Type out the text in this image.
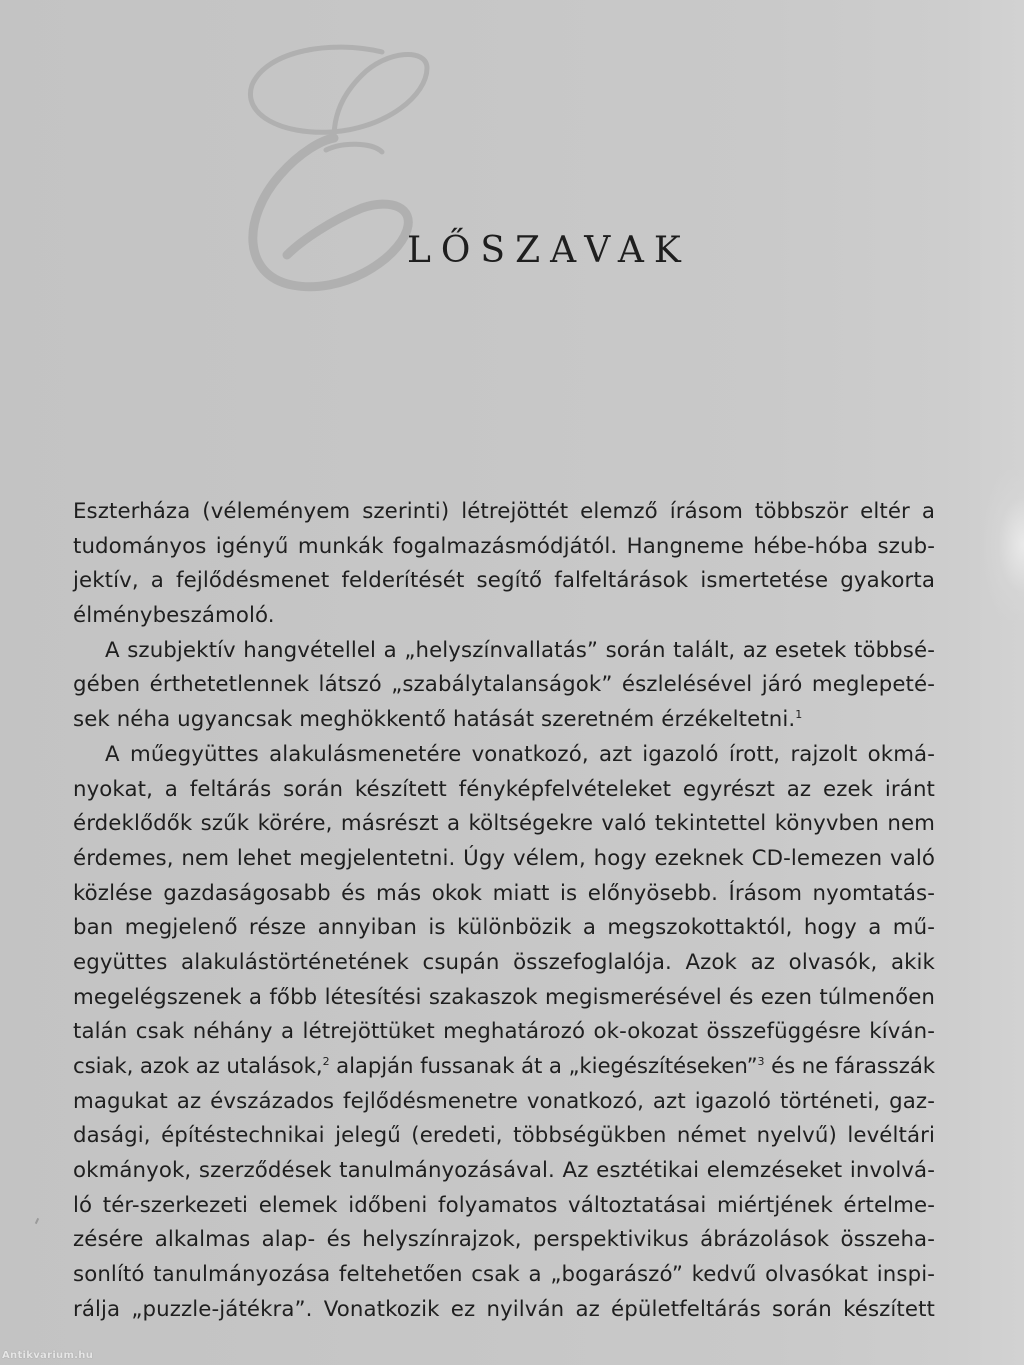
LŐSZAVAK

Eszterháza (véleményem szerinti) létrejöttét elemző írásom többször eltér a
tudományos igényű munkák fogalmazásmódjától. Hangneme hébe-hóba szub-
jektív, a fejlődésmenet felderítését segítő falfeltárások ismertetése gyakorta
élménybeszámoló.

A szubjektív hangvétellel a „helyszínvallatás” során talált, az esetek többsé-
gében érthetetlennek látszó „szabálytalanságok” észlelésével járó meglepeté-
sek néha ugyancsak meghökkentő hatását szeretném érzékeltetni.$^1$

A műegyüttes alakulásmenetére vonatkozó, azt igazoló írott, rajzolt okmá-
nyokat, a feltárás során készített fényképfelvételeket egyrészt az ezek iránt
érdeklődők szűk körére, másrészt a költségekre való tekintettel könyvben nem
érdemes, nem lehet megjelentetni. Úgy vélem, hogy ezeknek CD-lemezen való
közlése gazdaságosabb és más okok miatt is előnyösebb. Írásom nyomtatás-
ban megjelenő része annyiban is különbözik a megszokottaktól, hogy a mű-
együttes alakulástörténetének csupán összefoglalója. Azok az olvasók, akik
megelégszenek a főbb létesítési szakaszok megismerésével és ezen túlmenően
talán csak néhány a létrejöttüket meghatározó ok-okozat összefüggésre kíván-
csiak, azok az utalások,$^2$ alapján fussanak át a „kiegészítéseken”$^3$ és ne fárasszák
magukat az évszázados fejlődésmenetre vonatkozó, azt igazoló történeti, gaz-
dasági, építéstechnikai jelegű (eredeti, többségükben német nyelvű) levéltári
okmányok, szerződések tanulmányozásával. Az esztétikai elemzéseket involvá-
ló tér-szerkezeti elemek időbeni folyamatos változtatásai miértjének értelme-
zésére alkalmas alap- és helyszínrajzok, perspektivikus ábrázolások összeha-
sonlító tanulmányozása feltehetően csak a „bogarászó” kedvű olvasókat inspi-
rálja „puzzle-játékra”. Vonatkozik ez nyilván az épületfeltárás során készített

Antikvarium.hu
